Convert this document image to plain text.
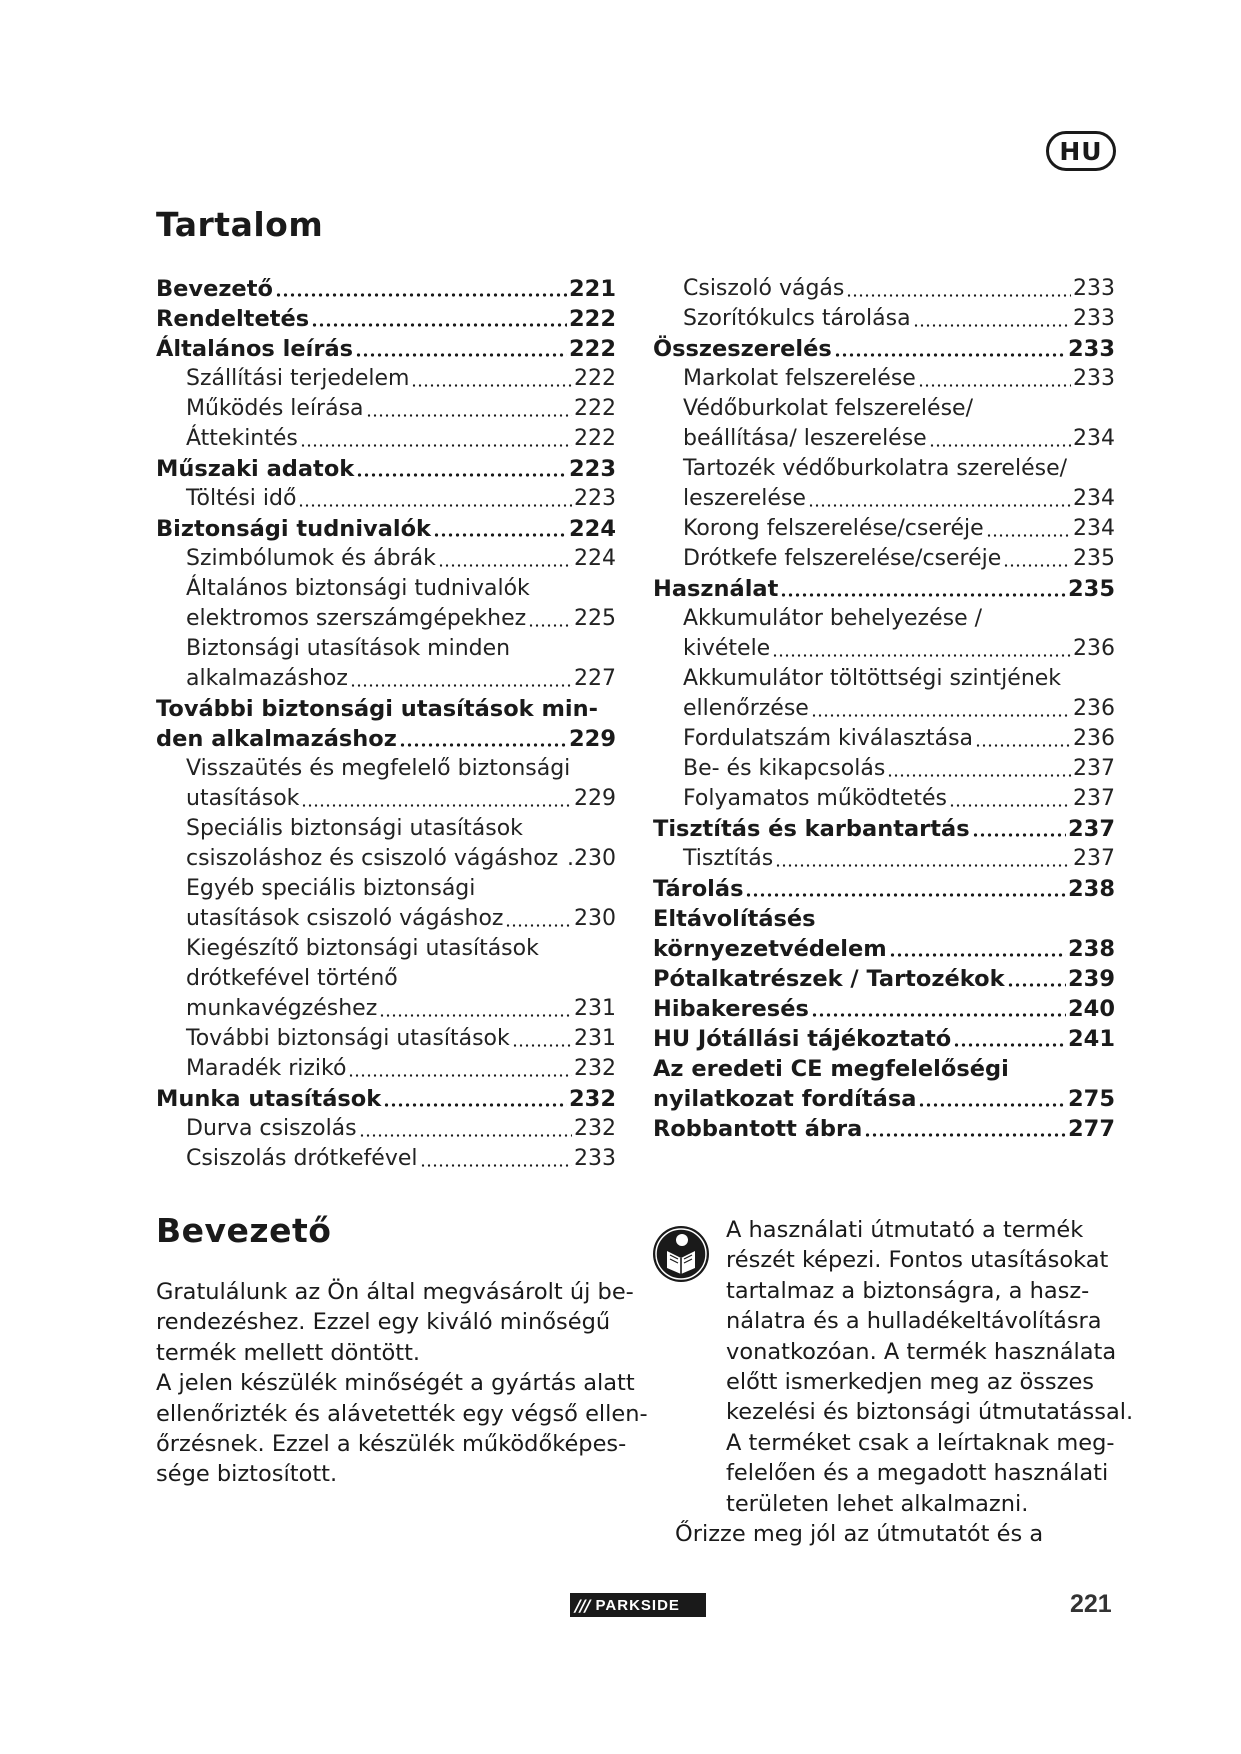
HU
Tartalom
Bevezető	221
Rendeltetés	222
Általános leírás	222
Szállítási terjedelem	222
Működés leírása	222
Áttekintés	222
Műszaki adatok	223
Töltési idő	223
Biztonsági tudnivalók	224
Szimbólumok és ábrák	224
Általános biztonsági tudnivalók
elektromos szerszámgépekhez 225
Biztonsági utasítások minden
alkalmazáshoz	227
További biztonsági utasítások min-
den alkalmazáshoz	229
Visszaütés és megfelelő biztonsági
utasítások	229
Speciális biztonsági utasítások
csiszoláshoz és csiszoló vágáshoz .230
Egyéb speciális biztonsági
utasítások csiszoló vágáshoz	230
Kiegészítő biztonsági utasítások
drótkefével történő
munkavégzéshez	231
További biztonsági utasítások	231
Maradék rizikó	232
Munka utasítások	232
Durva csiszolás	232
Csiszolás drótkefével	233
Csiszoló vágás	233
Szorítókulcs tárolása	233
Összeszerelés	233
Markolat felszerelése	233
Védőburkolat felszerelése/
beállítása/ leszerelése	234
Tartozék védőburkolatra szerelése/
leszerelése	234
Korong felszerelése/cseréje	234
Drótkefe felszerelése/cseréje	235
Használat	235
Akkumulátor behelyezése /
kivétele	236
Akkumulátor töltöttségi szintjének
ellenőrzése	236
Fordulatszám kiválasztása	236
Be- és kikapcsolás	237
Folyamatos működtetés	237
Tisztítás és karbantartás	237
Tisztítás	237
Tárolás	238
Eltávolításés
környezetvédelem	238
Pótalkatrészek / Tartozékok	239
Hibakeresés	240
HU Jótállási tájékoztató	241
Az eredeti CE megfelelőségi
nyilatkozat fordítása	275
Robbantott ábra	277
Bevezető
Gratulálunk az Ön által megvásárolt új be-
rendezéshez. Ezzel egy kiváló minőségű
termék mellett döntött.
A jelen készülék minőségét a gyártás alatt
ellenőrizték és alávetették egy végső ellen-
őrzésnek. Ezzel a készülék működőképes-
sége biztosított.
A használati útmutató a termék
részét képezi. Fontos utasításokat
tartalmaz a biztonságra, a hasz-
nálatra és a hulladékeltávolításra
vonatkozóan. A termék használata
előtt ismerkedjen meg az összes
kezelési és biztonsági útmutatással.
A terméket csak a leírtaknak meg-
felelően és a megadott használati
területen lehet alkalmazni.
Őrizze meg jól az útmutatót és a
/// PARKSIDE	221
